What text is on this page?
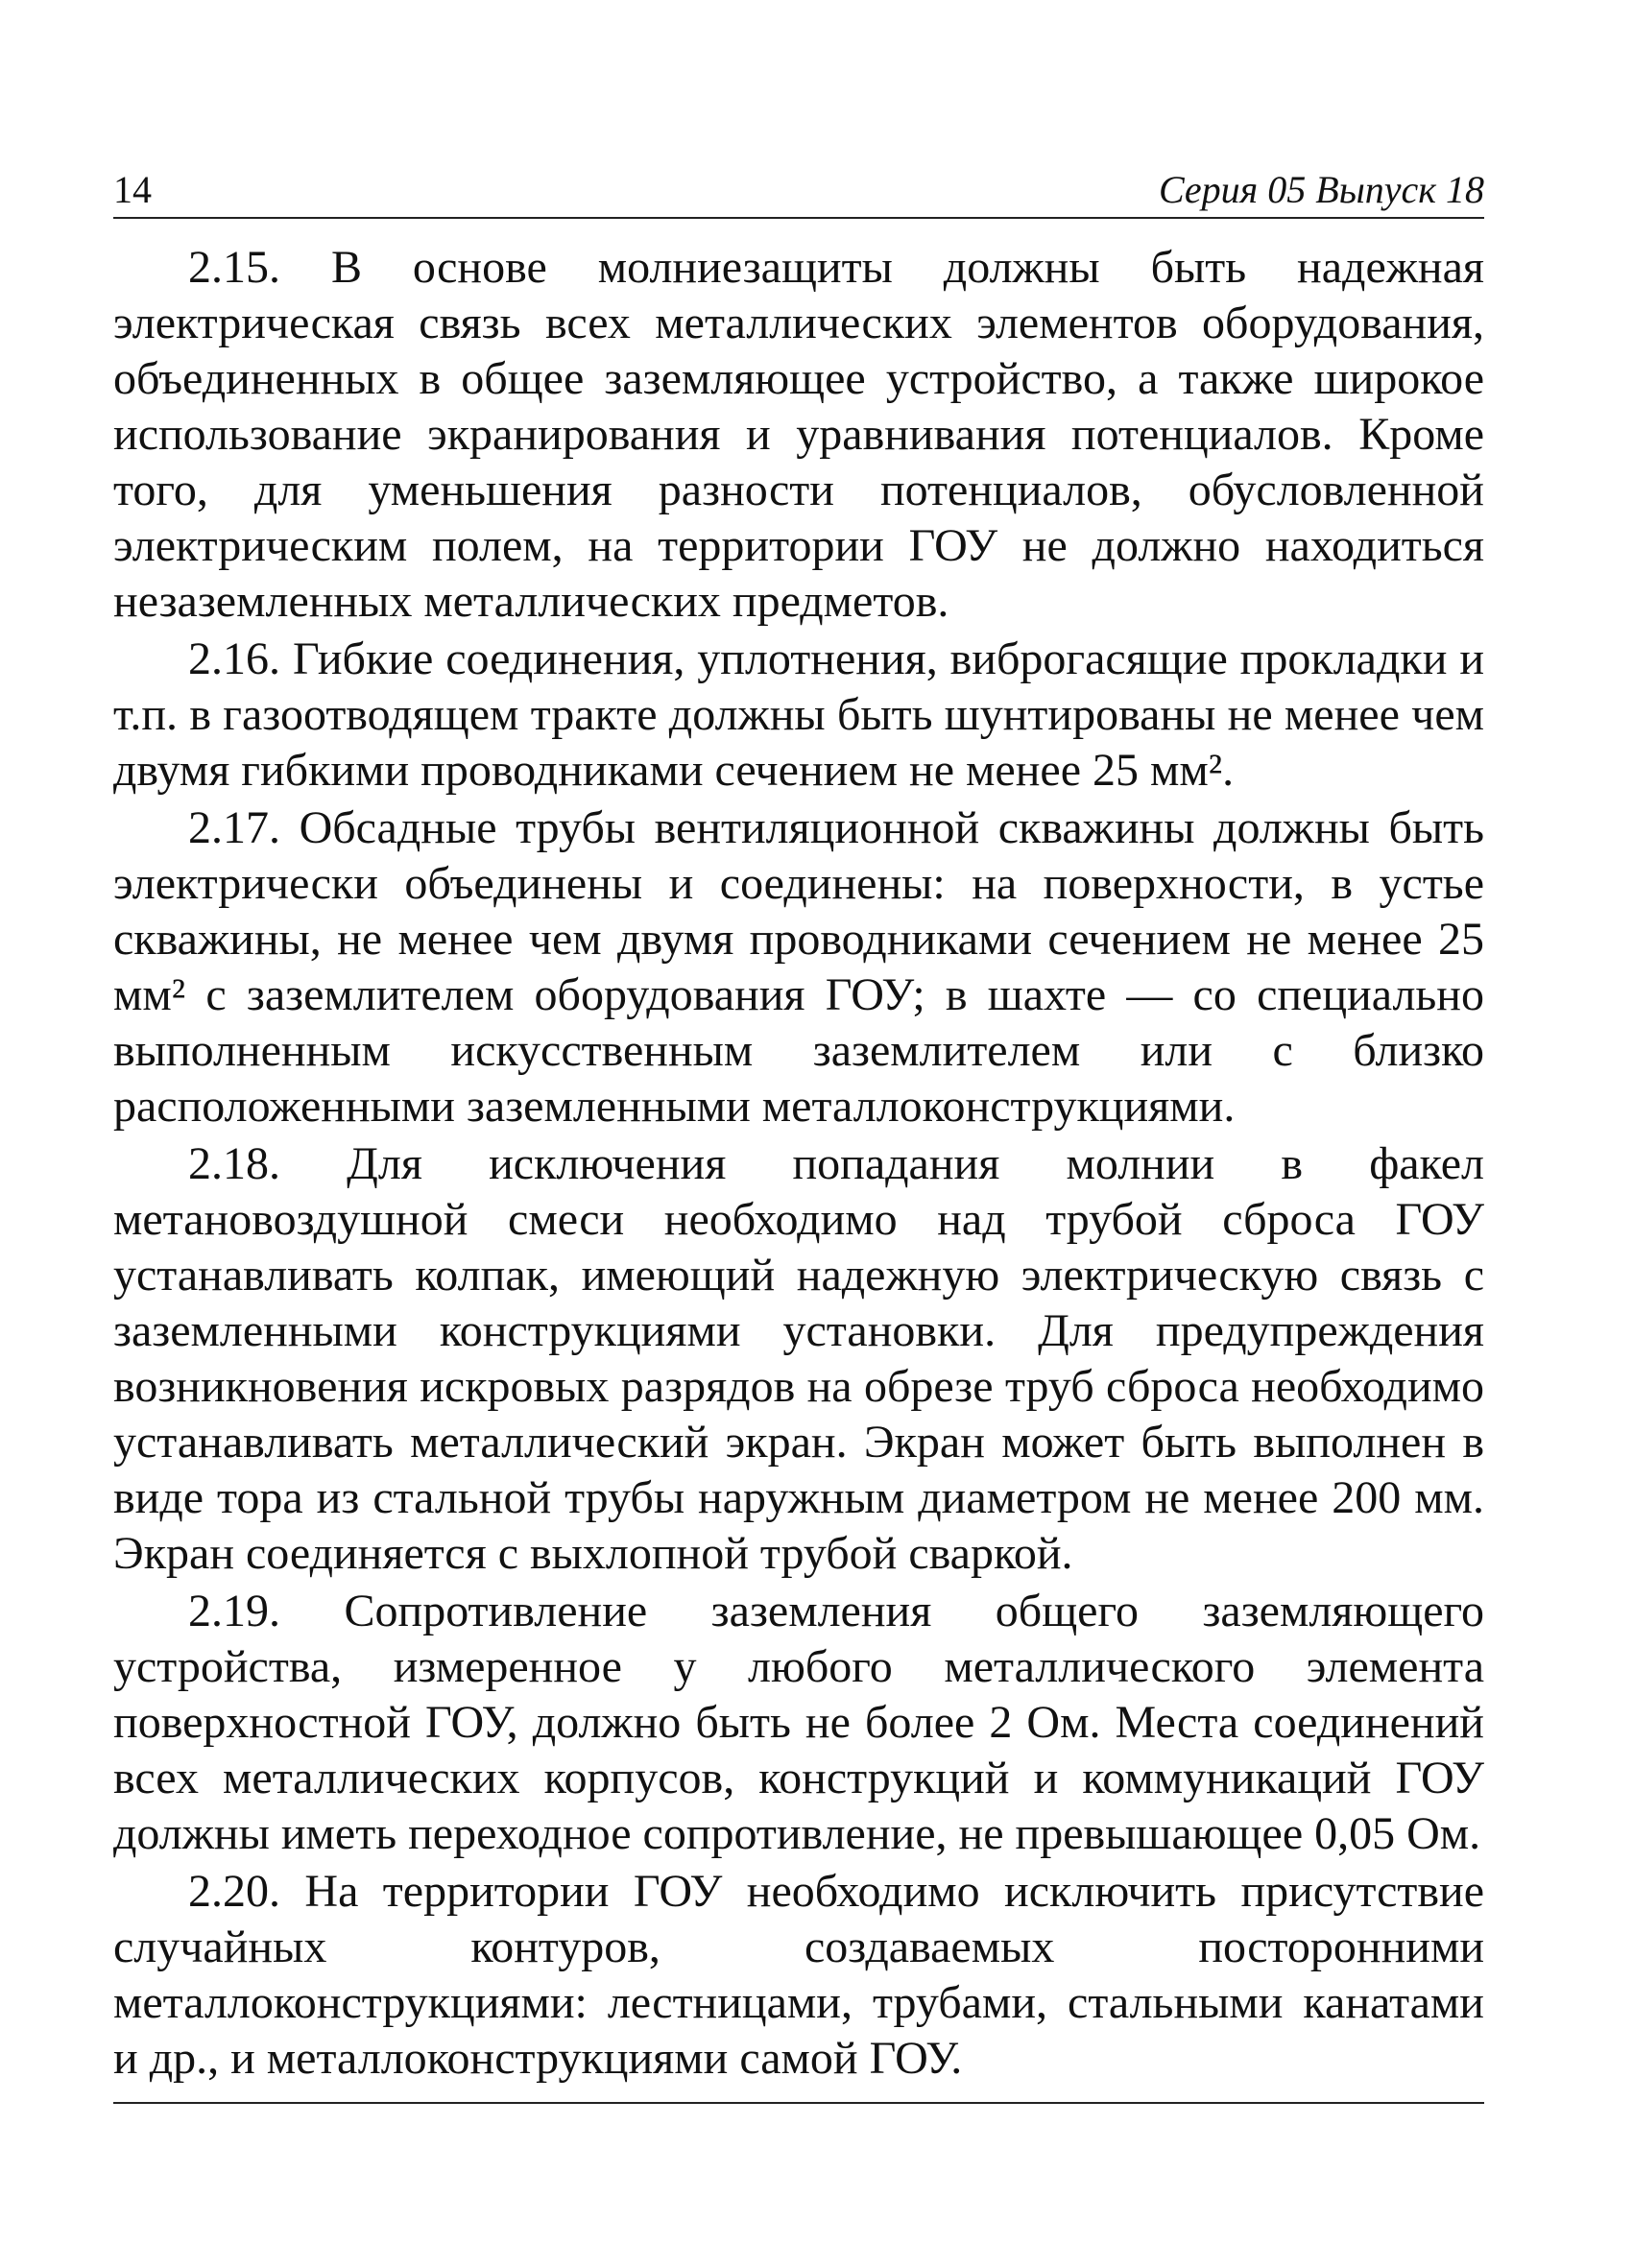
14	Серия 05 Выпуск 18

2.15. В основе молниезащиты должны быть надежная электрическая связь всех металлических элементов оборудования, объединенных в общее заземляющее устройство, а также широкое использование экранирования и уравнивания потенциалов. Кроме того, для уменьшения разности потенциалов, обусловленной электрическим полем, на территории ГОУ не должно находиться незаземленных металлических предметов.

2.16. Гибкие соединения, уплотнения, виброгасящие прокладки и т.п. в газоотводящем тракте должны быть шунтированы не менее чем двумя гибкими проводниками сечением не менее 25 мм².

2.17. Обсадные трубы вентиляционной скважины должны быть электрически объединены и соединены: на поверхности, в устье скважины, не менее чем двумя проводниками сечением не менее 25 мм² с заземлителем оборудования ГОУ; в шахте — со специально выполненным искусственным заземлителем или с близко расположенными заземленными металлоконструкциями.

2.18. Для исключения попадания молнии в факел метановоздушной смеси необходимо над трубой сброса ГОУ устанавливать колпак, имеющий надежную электрическую связь с заземленными конструкциями установки. Для предупреждения возникновения искровых разрядов на обрезе труб сброса необходимо устанавливать металлический экран. Экран может быть выполнен в виде тора из стальной трубы наружным диаметром не менее 200 мм. Экран соединяется с выхлопной трубой сваркой.

2.19. Сопротивление заземления общего заземляющего устройства, измеренное у любого металлического элемента поверхностной ГОУ, должно быть не более 2 Ом. Места соединений всех металлических корпусов, конструкций и коммуникаций ГОУ должны иметь переходное сопротивление, не превышающее 0,05 Ом.

2.20. На территории ГОУ необходимо исключить присутствие случайных контуров, создаваемых посторонними металлоконструкциями: лестницами, трубами, стальными канатами и др., и металлоконструкциями самой ГОУ.
